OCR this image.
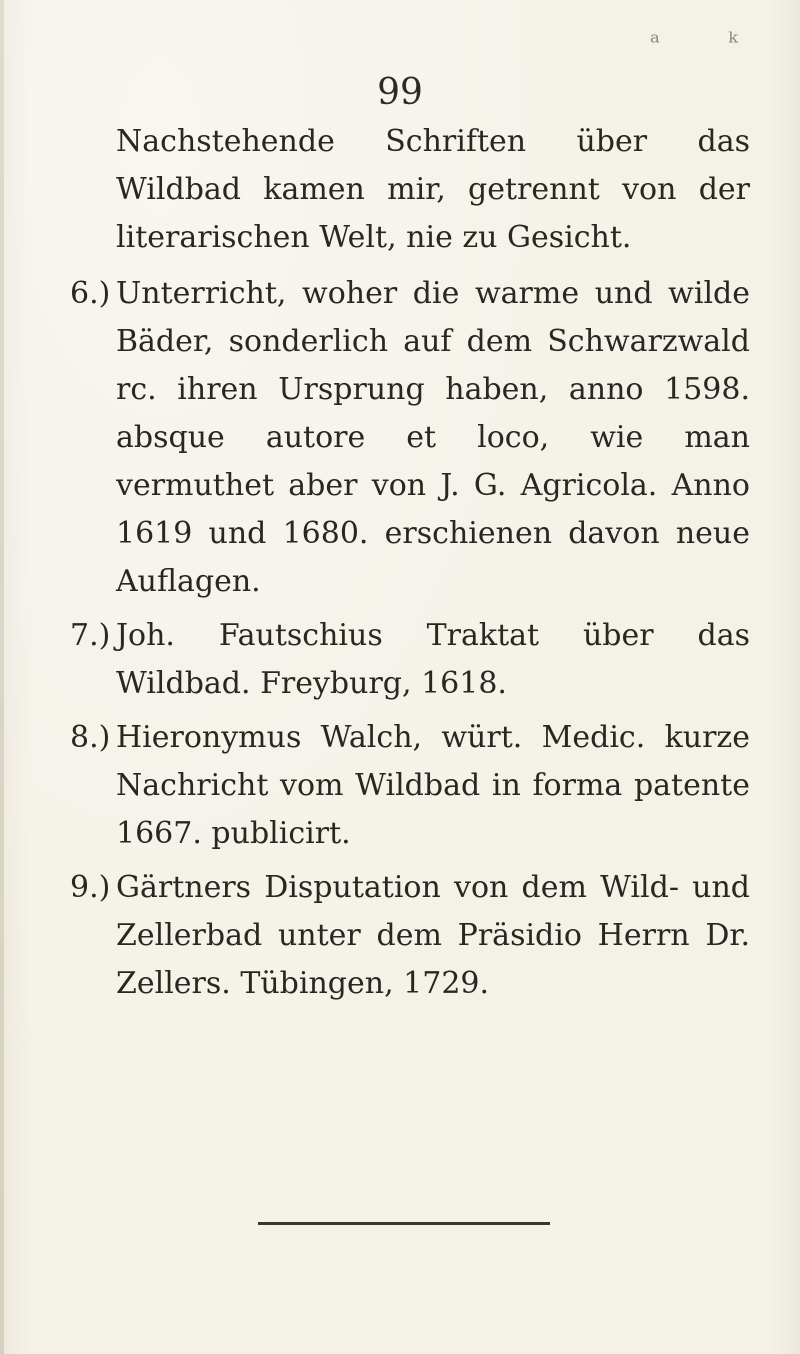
ᵃ ᵏ
99

Nachstehende Schriften über das Wildbad kamen mir, getrennt von der literarischen Welt, nie zu Gesicht.

6.) Unterricht, woher die warme und wilde Bäder, sonderlich auf dem Schwarzwald rc. ihren Ursprung haben, anno 1598. absque autore et loco, wie man vermuthet aber von J. G. Agricola. Anno 1619 und 1680. erschienen davon neue Auflagen.
7.) Joh. Fautschius Traktat über das Wildbad. Freyburg, 1618.
8.) Hieronymus Walch, würt. Medic. kurze Nachricht vom Wildbad in forma patente 1667. publicirt.
9.) Gärtners Disputation von dem Wild- und Zellerbad unter dem Präsidio Herrn Dr. Zellers. Tübingen, 1729.
